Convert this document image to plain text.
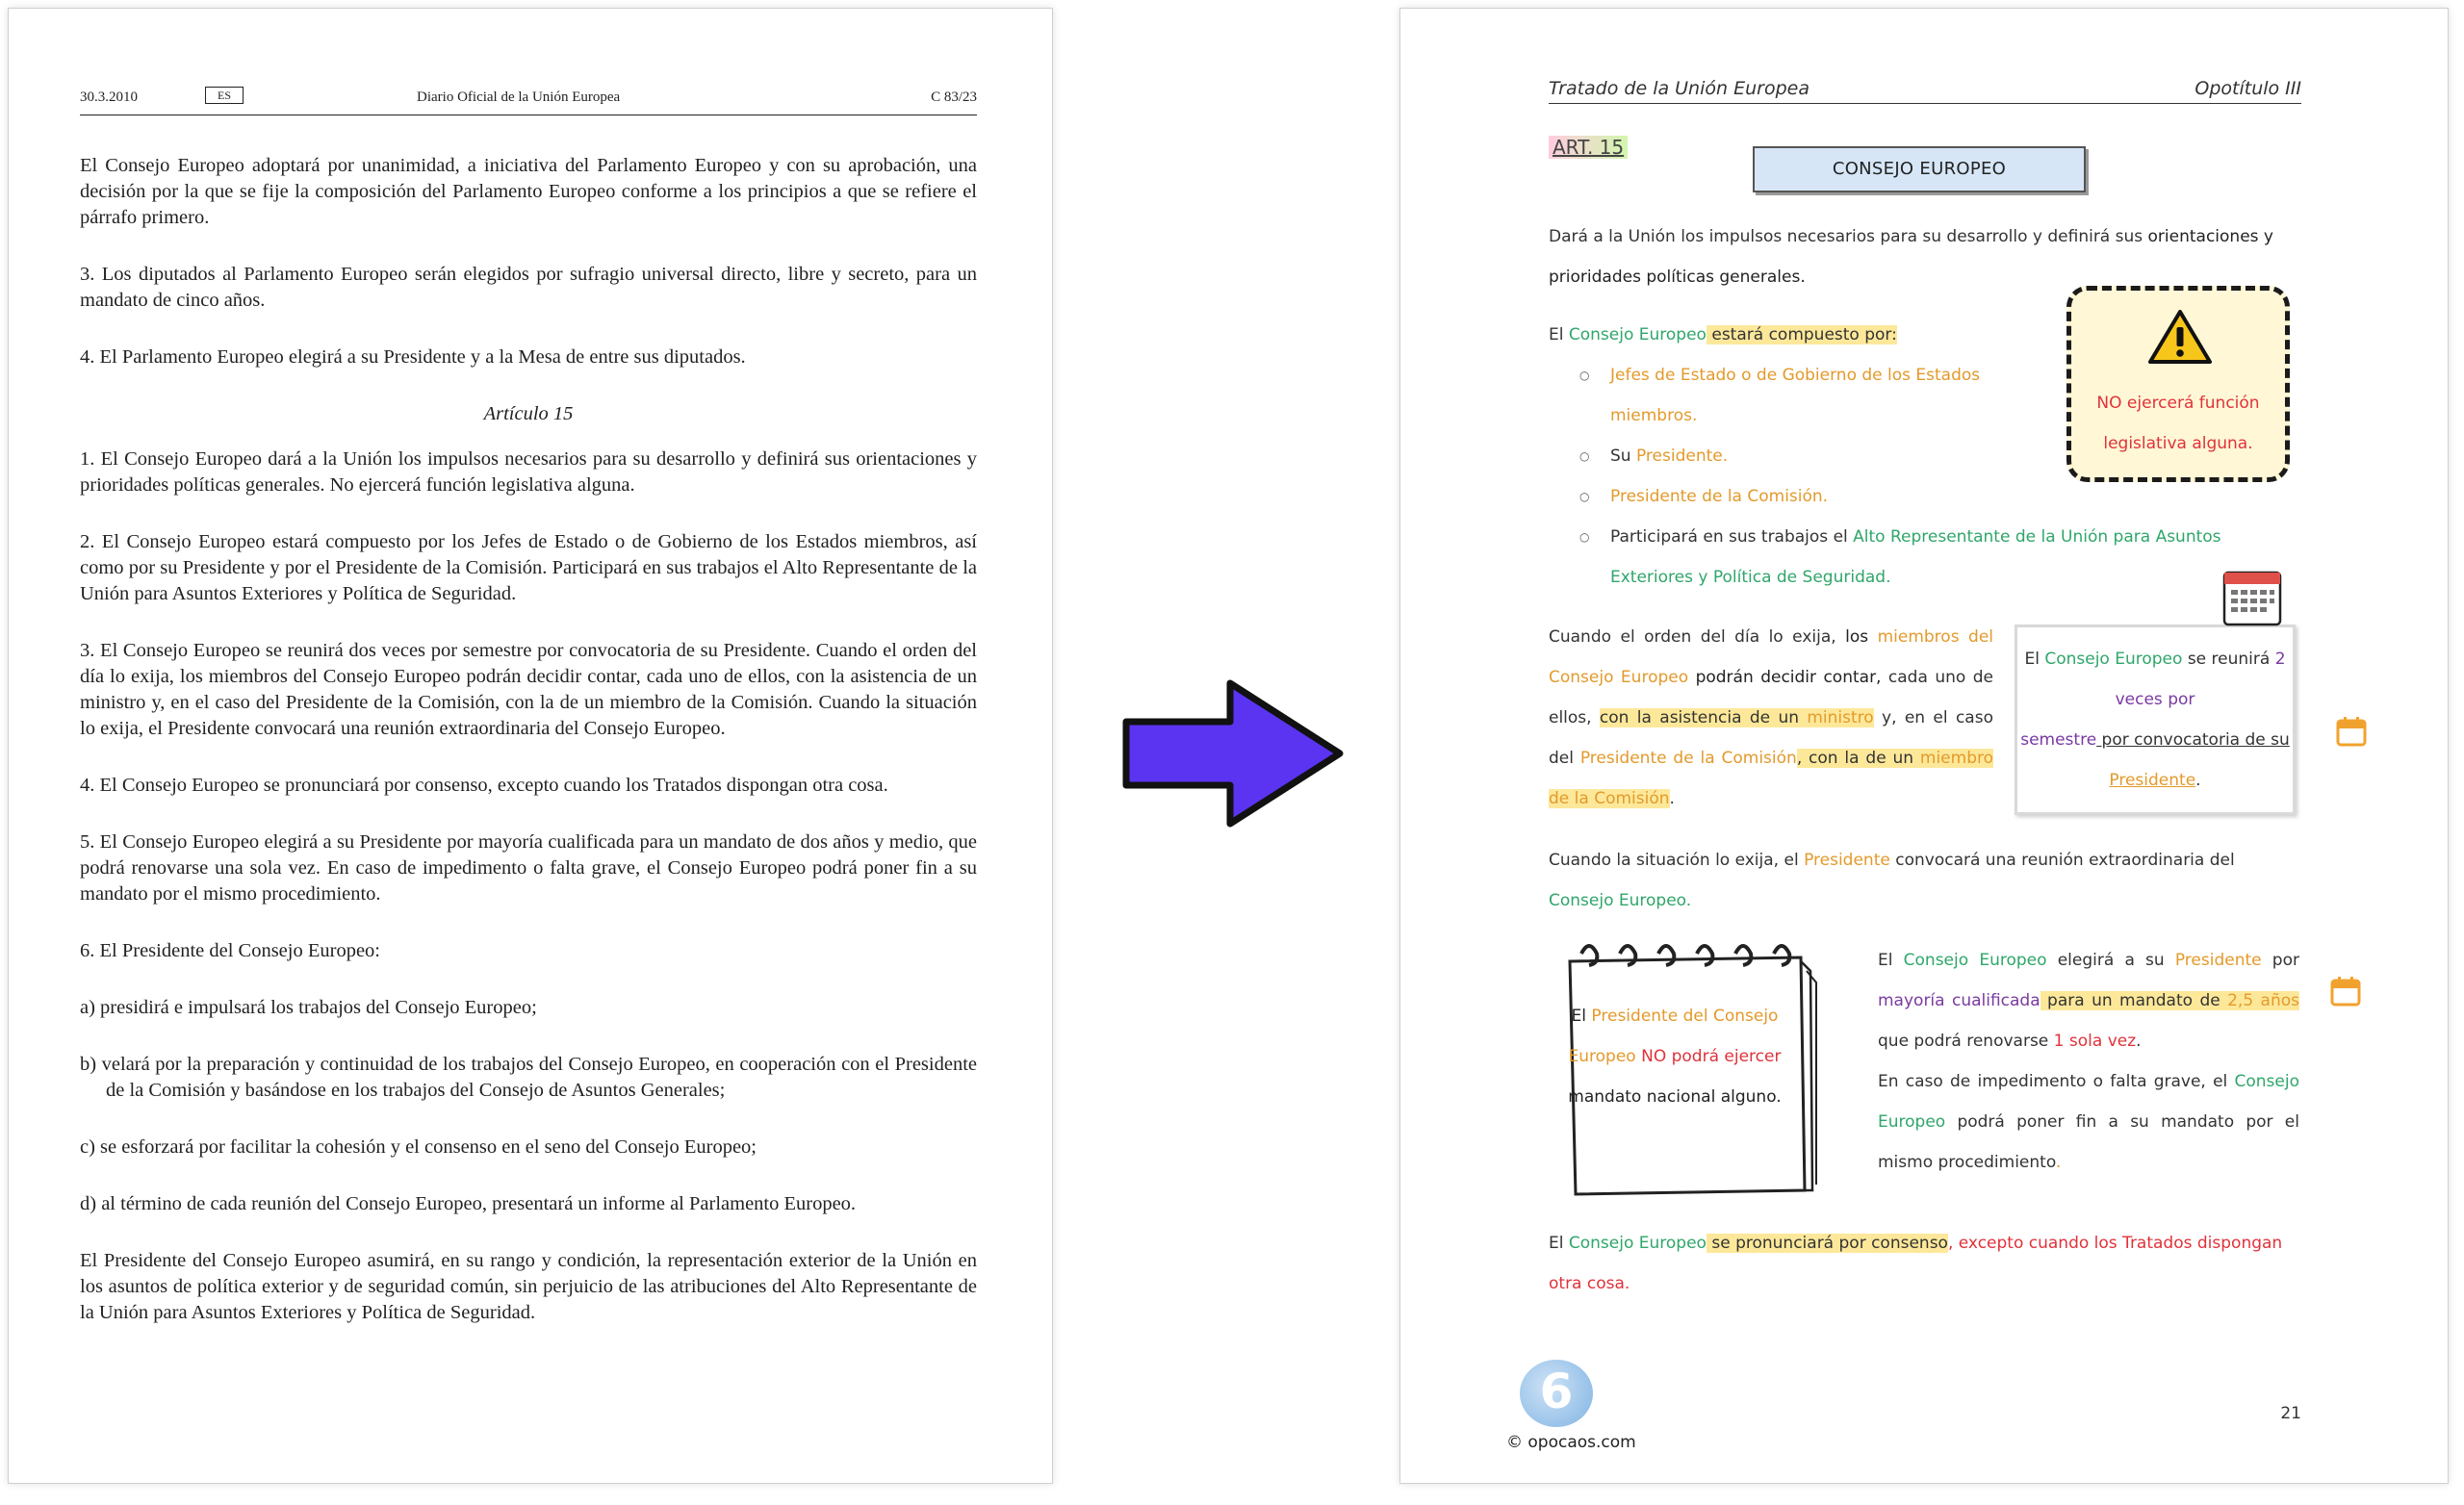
30.3.2010	ES	Diario Oficial de la Unión Europea	C 83/23

El Consejo Europeo adoptará por unanimidad, a iniciativa del Parlamento Europeo y con su aprobación, una decisión por la que se fije la composición del Parlamento Europeo conforme a los principios a que se refiere el párrafo primero.

3. Los diputados al Parlamento Europeo serán elegidos por sufragio universal directo, libre y secreto, para un mandato de cinco años.

4. El Parlamento Europeo elegirá a su Presidente y a la Mesa de entre sus diputados.

Artículo 15

1. El Consejo Europeo dará a la Unión los impulsos necesarios para su desarrollo y definirá sus orientaciones y prioridades políticas generales. No ejercerá función legislativa alguna.

2. El Consejo Europeo estará compuesto por los Jefes de Estado o de Gobierno de los Estados miembros, así como por su Presidente y por el Presidente de la Comisión. Participará en sus trabajos el Alto Representante de la Unión para Asuntos Exteriores y Política de Seguridad.

3. El Consejo Europeo se reunirá dos veces por semestre por convocatoria de su Presidente. Cuando el orden del día lo exija, los miembros del Consejo Europeo podrán decidir contar, cada uno de ellos, con la asistencia de un ministro y, en el caso del Presidente de la Comisión, con la de un miembro de la Comisión. Cuando la situación lo exija, el Presidente convocará una reunión extraordinaria del Consejo Europeo.

4. El Consejo Europeo se pronunciará por consenso, excepto cuando los Tratados dispongan otra cosa.

5. El Consejo Europeo elegirá a su Presidente por mayoría cualificada para un mandato de dos años y medio, que podrá renovarse una sola vez. En caso de impedimento o falta grave, el Consejo Europeo podrá poner fin a su mandato por el mismo procedimiento.

6. El Presidente del Consejo Europeo:

a) presidirá e impulsará los trabajos del Consejo Europeo;

b) velará por la preparación y continuidad de los trabajos del Consejo Europeo, en cooperación con el Presidente de la Comisión y basándose en los trabajos del Consejo de Asuntos Generales;

c) se esforzará por facilitar la cohesión y el consenso en el seno del Consejo Europeo;

d) al término de cada reunión del Consejo Europeo, presentará un informe al Parlamento Europeo.

El Presidente del Consejo Europeo asumirá, en su rango y condición, la representación exterior de la Unión en los asuntos de política exterior y de seguridad común, sin perjuicio de las atribuciones del Alto Representante de la Unión para Asuntos Exteriores y Política de Seguridad.

Tratado de la Unión Europea	Opotítulo III
ART. 15
CONSEJO EUROPEO
Dará a la Unión los impulsos necesarios para su desarrollo y definirá sus orientaciones y prioridades políticas generales.
El Consejo Europeo estará compuesto por:
○ Jefes de Estado o de Gobierno de los Estados miembros.
○ Su Presidente.
○ Presidente de la Comisión.
○ Participará en sus trabajos el Alto Representante de la Unión para Asuntos Exteriores y Política de Seguridad.
NO ejercerá función legislativa alguna.
Cuando el orden del día lo exija, los miembros del Consejo Europeo podrán decidir contar, cada uno de ellos, con la asistencia de un ministro y, en el caso del Presidente de la Comisión, con la de un miembro de la Comisión.
El Consejo Europeo se reunirá 2 veces por
semestre por convocatoria de su Presidente.
Cuando la situación lo exija, el Presidente convocará una reunión extraordinaria del Consejo Europeo.
El Presidente del Consejo Europeo NO podrá ejercer mandato nacional alguno.
El Consejo Europeo elegirá a su Presidente por mayoría cualificada para un mandato de 2,5 años que podrá renovarse 1 sola vez.
En caso de impedimento o falta grave, el Consejo Europeo podrá poner fin a su mandato por el mismo procedimiento.
El Consejo Europeo se pronunciará por consenso, excepto cuando los Tratados dispongan otra cosa.
6
© opocaos.com
21
